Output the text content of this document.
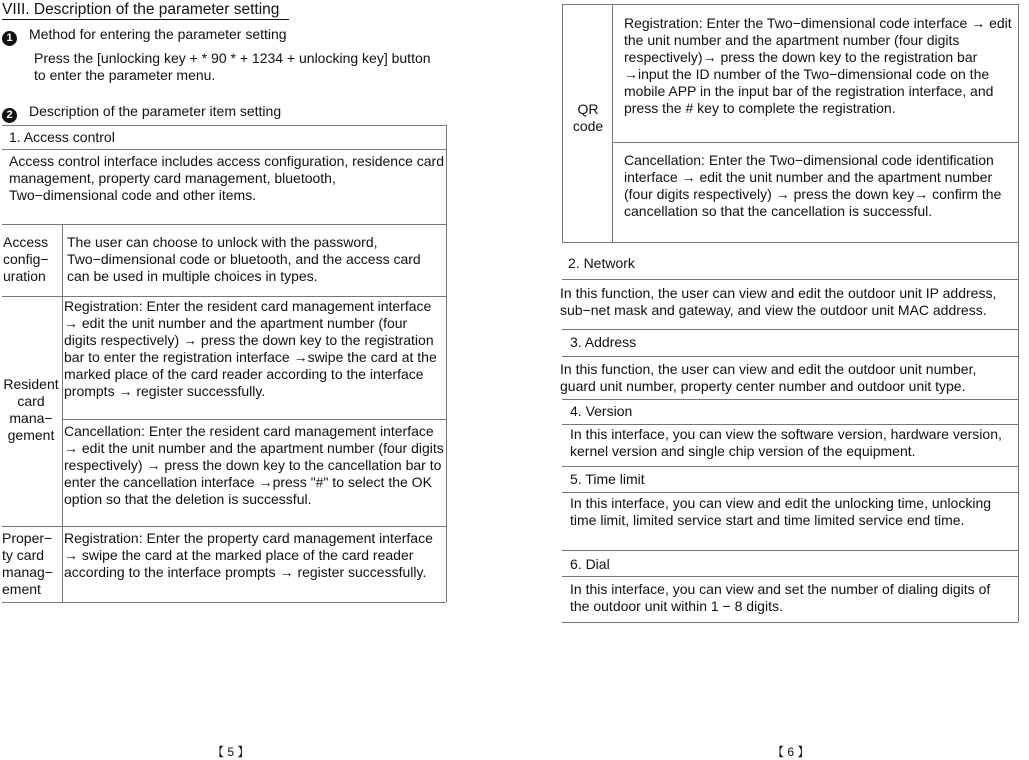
VIII. Description of the parameter setting
1 Method for entering the parameter setting
Press the [unlocking key + * 90 * + 1234 + unlocking key] button to enter the parameter menu.
2 Description of the parameter item setting
1. Access control
Access control interface includes access configuration, residence card management, property card management, bluetooth, Two−dimensional code and other items.
Access config− uration
The user can choose to unlock with the password, Two−dimensional code or bluetooth, and the access card can be used in multiple choices in types.
Resident card mana− gement
Registration: Enter the resident card management interface → edit the unit number and the apartment number (four digits respectively) → press the down key to the registration bar to enter the registration interface →swipe the card at the marked place of the card reader according to the interface prompts → register successfully.
Cancellation: Enter the resident card management interface → edit the unit number and the apartment number (four digits respectively) → press the down key to the cancellation bar to enter the cancellation interface →press "#" to select the OK option so that the deletion is successful.
Proper− ty card manag− ement
Registration: Enter the property card management interface → swipe the card at the marked place of the card reader according to the interface prompts → register successfully.
【 5 】
QR code
Registration: Enter the Two−dimensional code interface → edit the unit number and the apartment number (four digits respectively)→ press the down key to the registration bar →input the ID number of the Two−dimensional code on the mobile APP in the input bar of the registration interface, and press the # key to complete the registration.
Cancellation: Enter the Two−dimensional code identification interface → edit the unit number and the apartment number (four digits respectively) → press the down key→ confirm the cancellation so that the cancellation is successful.
2. Network
In this function, the user can view and edit the outdoor unit IP address, sub−net mask and gateway, and view the outdoor unit MAC address.
3. Address
In this function, the user can view and edit the outdoor unit number, guard unit number, property center number and outdoor unit type.
4. Version
In this interface, you can view the software version, hardware version, kernel version and single chip version of the equipment.
5. Time limit
In this interface, you can view and edit the unlocking time, unlocking time limit, limited service start and time limited service end time.
6. Dial
In this interface, you can view and set the number of dialing digits of the outdoor unit within 1 − 8 digits.
【 6 】
